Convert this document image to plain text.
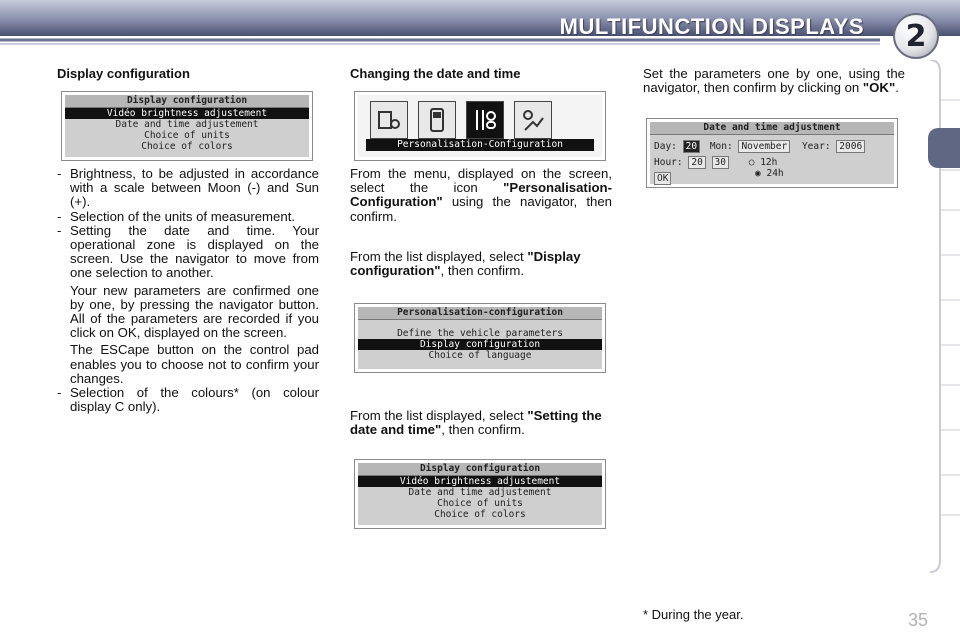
MULTIFUNCTION DISPLAYS	2
Display configuration
Display configuration
Vidéo brightness adjustement
Date and time adjustement
Choice of units
Choice of colors

- Brightness, to be adjusted in accordance with a scale between Moon (-) and Sun (+).

- Selection of the units of measurement.

- Setting the date and time. Your operational zone is displayed on the screen. Use the navigator to move from one selection to another.

Your new parameters are confirmed one by one, by pressing the navigator button. All of the parameters are recorded if you click on OK, displayed on the screen.

The ESCape button on the control pad enables you to choose not to confirm your changes.

- Selection of the colours* (on colour display C only).

Changing the date and time
Personalisation-Configuration
From the menu, displayed on the screen, select the icon "Personalisation-Configuration" using the navigator, then confirm.
From the list displayed, select "Display configuration", then confirm.
Personalisation-configuration
Define the vehicle parameters
Display configuration
Choice of language
From the list displayed, select "Setting the date and time", then confirm.
Display configuration
Vidéo brightness adjustement
Date and time adjustement
Choice of units
Choice of colors
Set the parameters one by one, using the navigator, then confirm by clicking on "OK".
Date and time adjustment
Day: 20 Mon: November Year: 2006
Hour: 20 30 ○ 12h
◉ 24h
OK
* During the year.	35
